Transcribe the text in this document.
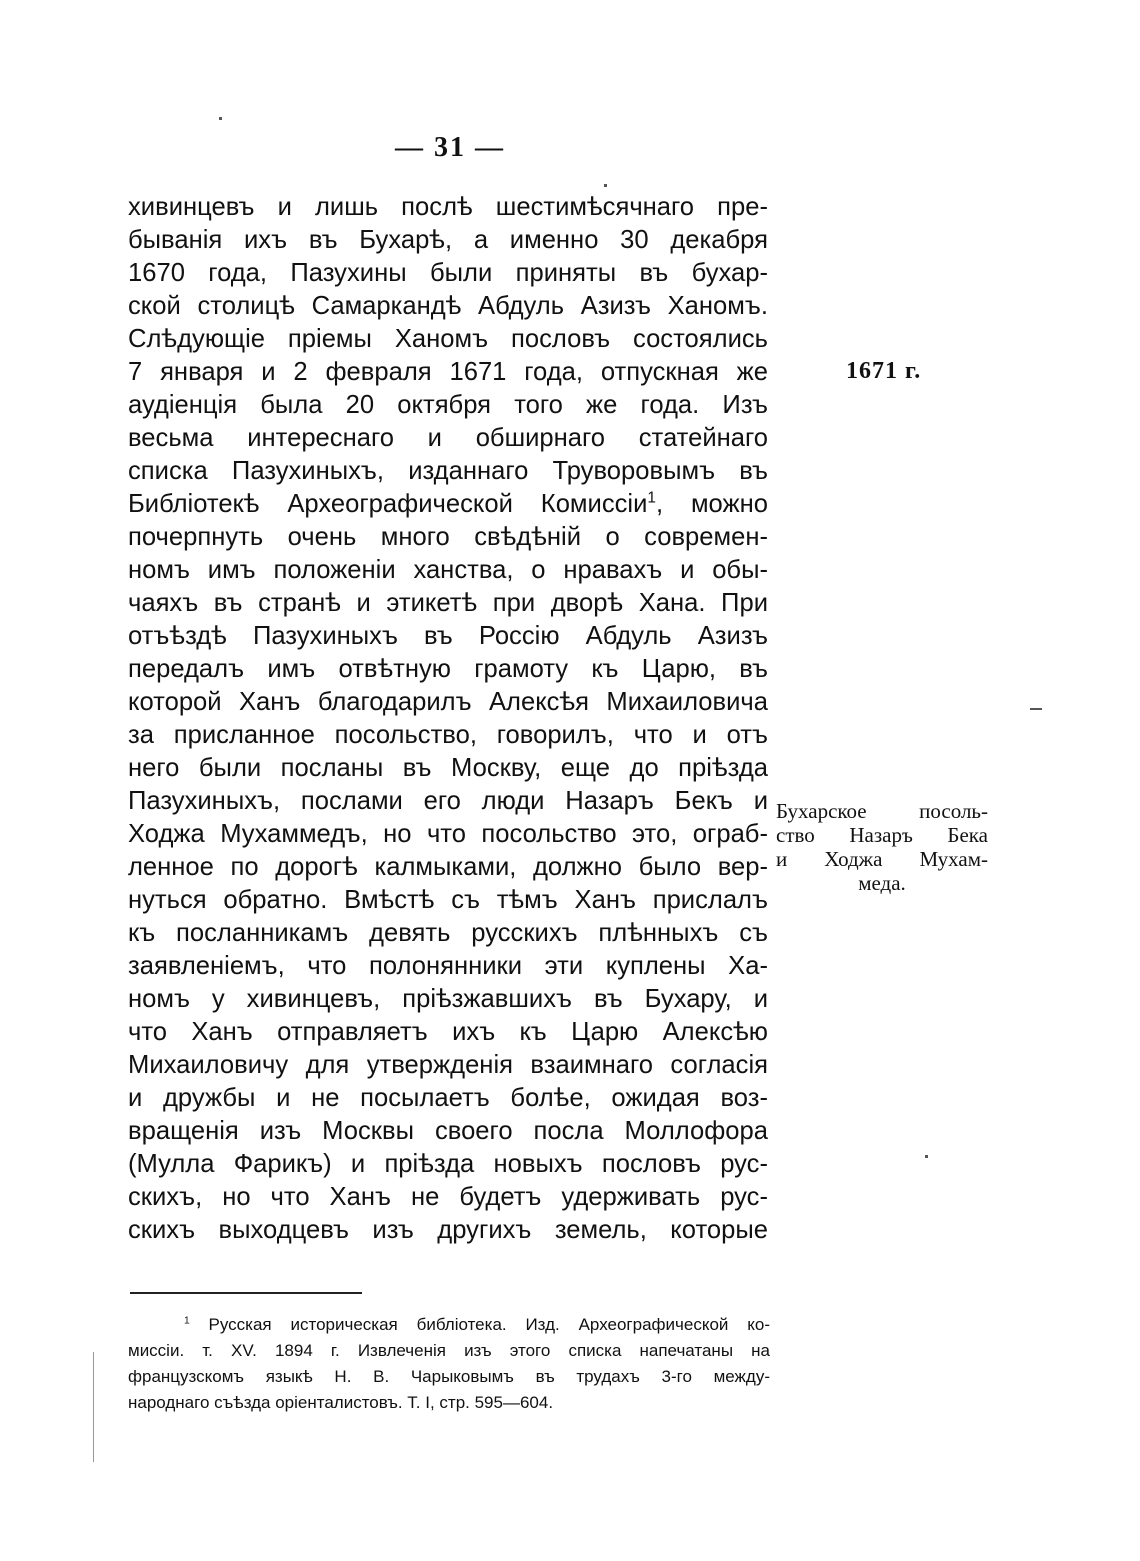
— 31 —
хивинцевъ и лишь послѣ шестимѣсячнаго пре-
быванія ихъ въ Бухарѣ, а именно 30 декабря
1670 года, Пазухины были приняты въ бухар-
ской столицѣ Самаркандѣ Абдуль Азизъ Ханомъ.
Слѣдующіе пріемы Ханомъ пословъ состоялись
7 января и 2 февраля 1671 года, отпускная же
аудіенція была 20 октября того же года. Изъ
весьма интереснаго и обширнаго статейнаго
списка Пазухиныхъ, изданнаго Труворовымъ въ
Библіотекѣ Археографической Комиссіи$^1$, можно
почерпнуть очень много свѣдѣній о современ-
номъ имъ положеніи ханства, о нравахъ и обы-
чаяхъ въ странѣ и этикетѣ при дворѣ Хана. При
отъѣздѣ Пазухиныхъ въ Россію Абдуль Азизъ
передалъ имъ отвѣтную грамоту къ Царю, въ
которой Ханъ благодарилъ Алексѣя Михаиловича
за присланное посольство, говорилъ, что и отъ
него были посланы въ Москву, еще до пріѣзда
Пазухиныхъ, послами его люди Назаръ Бекъ и
Ходжа Мухаммедъ, но что посольство это, ограб-
ленное по дорогѣ калмыками, должно было вер-
нуться обратно. Вмѣстѣ съ тѣмъ Ханъ прислалъ
къ посланникамъ девять русскихъ плѣнныхъ съ
заявленіемъ, что полонянники эти куплены Ха-
номъ у хивинцевъ, пріѣзжавшихъ въ Бухару, и
что Ханъ отправляетъ ихъ къ Царю Алексѣю
Михаиловичу для утвержденія взаимнаго согласія
и дружбы и не посылаетъ болѣе, ожидая воз-
вращенія изъ Москвы своего посла Моллофора
(Мулла Фарикъ) и пріѣзда новыхъ пословъ рус-
скихъ, но что Ханъ не будетъ удерживать рус-
скихъ выходцевъ изъ другихъ земель, которые
1671 г.
Бухарское посоль-
ство Назаръ Бека
и Ходжа Мухам-
меда.
$^1$ Русская историческая библіотека. Изд. Археографической ко-
миссіи. т. XV. 1894 г. Извлеченія изъ этого списка напечатаны на
французскомъ языкѣ Н. В. Чарыковымъ въ трудахъ 3-го между-
народнаго съѣзда оріенталистовъ. Т. I, стр. 595—604.
